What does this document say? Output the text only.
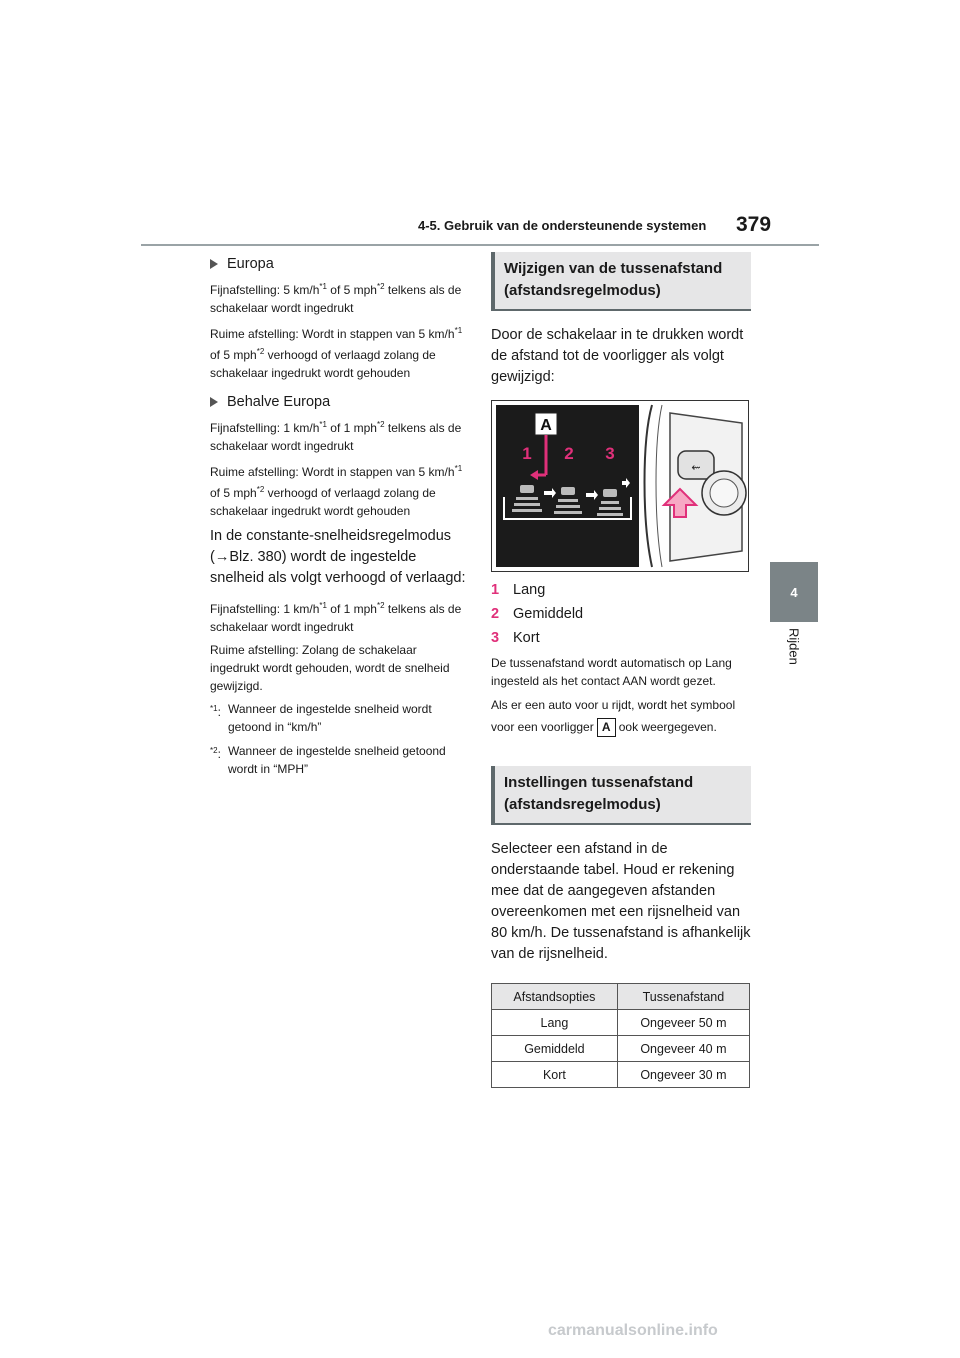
4-5. Gebruik van de ondersteunende systemen 379
4
Rijden
Europa

Fijnafstelling: 5 $km/h^{*1}$ of 5 mph$^{*2}$ telkens als de schakelaar wordt ingedrukt

Ruime afstelling: Wordt in stappen van 5 $km/h^{*1}$ of 5 mph$^{*2}$ verhoogd of verlaagd zolang de schakelaar ingedrukt wordt gehouden

Behalve Europa

Fijnafstelling: 1 $km/h^{*1}$ of 1 mph$^{*2}$ telkens als de schakelaar wordt ingedrukt

Ruime afstelling: Wordt in stappen van 5 $km/h^{*1}$ of 5 mph$^{*2}$ verhoogd of verlaagd zolang de schakelaar ingedrukt wordt gehouden

In de constante-snelheidsregelmodus (→Blz. 380) wordt de ingestelde snelheid als volgt verhoogd of verlaagd:

Fijnafstelling: 1 $km/h^{*1}$ of 1 mph$^{*2}$ telkens als de schakelaar wordt ingedrukt

Ruime afstelling: Zolang de schakelaar ingedrukt wordt gehouden, wordt de snelheid gewijzigd.

$^{*1}$: Wanneer de ingestelde snelheid wordt getoond in “km/h”
$^{*2}$: Wanneer de ingestelde snelheid getoond wordt in “MPH”
Wijzigen van de tussenafstand (afstandsregelmodus)

Door de schakelaar in te drukken wordt de afstand tot de voorligger als volgt gewijzigd:

A
1 2 3
⇜
1 Lang
2 Gemiddeld
3 Kort

De tussenafstand wordt automatisch op Lang ingesteld als het contact AAN wordt gezet.

Als er een auto voor u rijdt, wordt het symbool voor een voorligger A ook weergegeven.

Instellingen tussenafstand (afstandsregelmodus)

Selecteer een afstand in de onderstaande tabel. Houd er rekening mee dat de aangegeven afstanden overeenkomen met een rijsnelheid van 80 km/h. De tussenafstand is afhankelijk van de rijsnelheid.

Afstandsopties	Tussenafstand
Lang	Ongeveer 50 m
Gemiddeld	Ongeveer 40 m
Kort	Ongeveer 30 m
carmanualsonline.info
